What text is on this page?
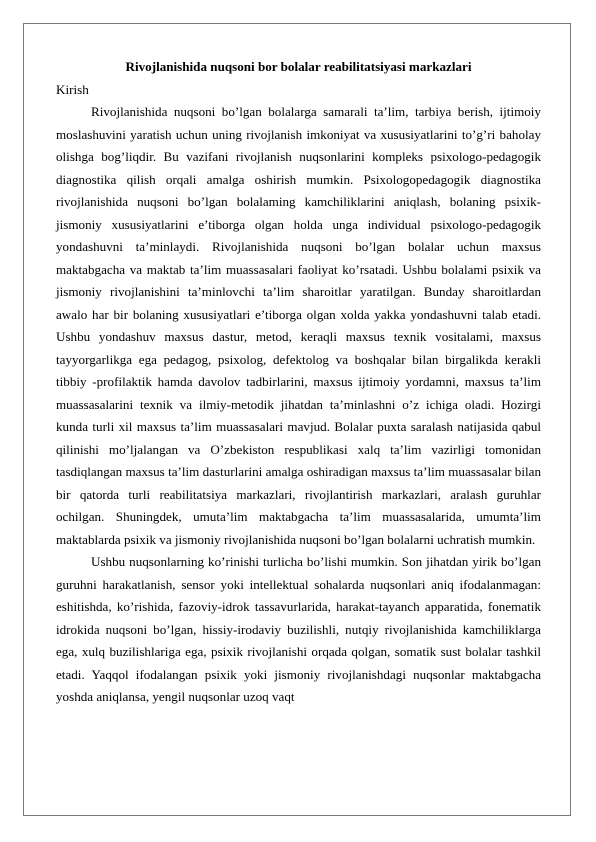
Rivojlanishida nuqsoni bor bolalar reabilitatsiyasi markazlari

Kirish

Rivojlanishida nuqsoni bo’lgan bolalarga samarali ta’lim, tarbiya berish, ijtimoiy moslashuvini yaratish uchun uning rivojlanish imkoniyat va xususiyatlarini to’g’ri baholay olishga bog’liqdir. Bu vazifani rivojlanish nuqsonlarini kompleks psixologo-pedagogik diagnostika qilish orqali amalga oshirish mumkin. Psixologopedagogik diagnostika rivojlanishida nuqsoni bo’lgan bolalaming kamchiliklarini aniqlash, bolaning psixik-jismoniy xususiyatlarini e’tiborga olgan holda unga individual psixologo-pedagogik yondashuvni ta’minlaydi. Rivojlanishida nuqsoni bo’lgan bolalar uchun maxsus maktabgacha va maktab ta’lim muassasalari faoliyat ko’rsatadi. Ushbu bolalami psixik va jismoniy rivojlanishini ta’minlovchi ta’lim sharoitlar yaratilgan. Bunday sharoitlardan awalo har bir bolaning xususiyatlari e’tiborga olgan xolda yakka yondashuvni talab etadi. Ushbu yondashuv maxsus dastur, metod, keraqli maxsus texnik vositalami, maxsus tayyorgarlikga ega pedagog, psixolog, defektolog va boshqalar bilan birgalikda kerakli tibbiy -profilaktik hamda davolov tadbirlarini, maxsus ijtimoiy yordamni, maxsus ta’lim muassasalarini texnik va ilmiy-metodik jihatdan ta’minlashni o’z ichiga oladi. Hozirgi kunda turli xil maxsus ta’lim muassasalari mavjud. Bolalar puxta saralash natijasida qabul qilinishi mo’ljalangan va O’zbekiston respublikasi xalq ta’lim vazirligi tomonidan tasdiqlangan maxsus ta’lim dasturlarini amalga oshiradigan maxsus ta’lim muassasalar bilan bir qatorda turli reabilitatsiya markazlari, rivojlantirish markazlari, aralash guruhlar ochilgan. Shuningdek, umuta’lim maktabgacha ta’lim muassasalarida, umumta’lim maktablarda psixik va jismoniy rivojlanishida nuqsoni bo’lgan bolalarni uchratish mumkin.

Ushbu nuqsonlarning ko’rinishi turlicha bo’lishi mumkin. Son jihatdan yirik bo’lgan guruhni harakatlanish, sensor yoki intellektual sohalarda nuqsonlari aniq ifodalanmagan: eshitishda, ko’rishida, fazoviy-idrok tassavurlarida, harakat-tayanch apparatida, fonematik idrokida nuqsoni bo’lgan, hissiy-irodaviy buzilishli, nutqiy rivojlanishida kamchiliklarga ega, xulq buzilishlariga ega, psixik rivojlanishi orqada qolgan, somatik sust bolalar tashkil etadi. Yaqqol ifodalangan psixik yoki jismoniy rivojlanishdagi nuqsonlar maktabgacha yoshda aniqlansa, yengil nuqsonlar uzoq vaqt
